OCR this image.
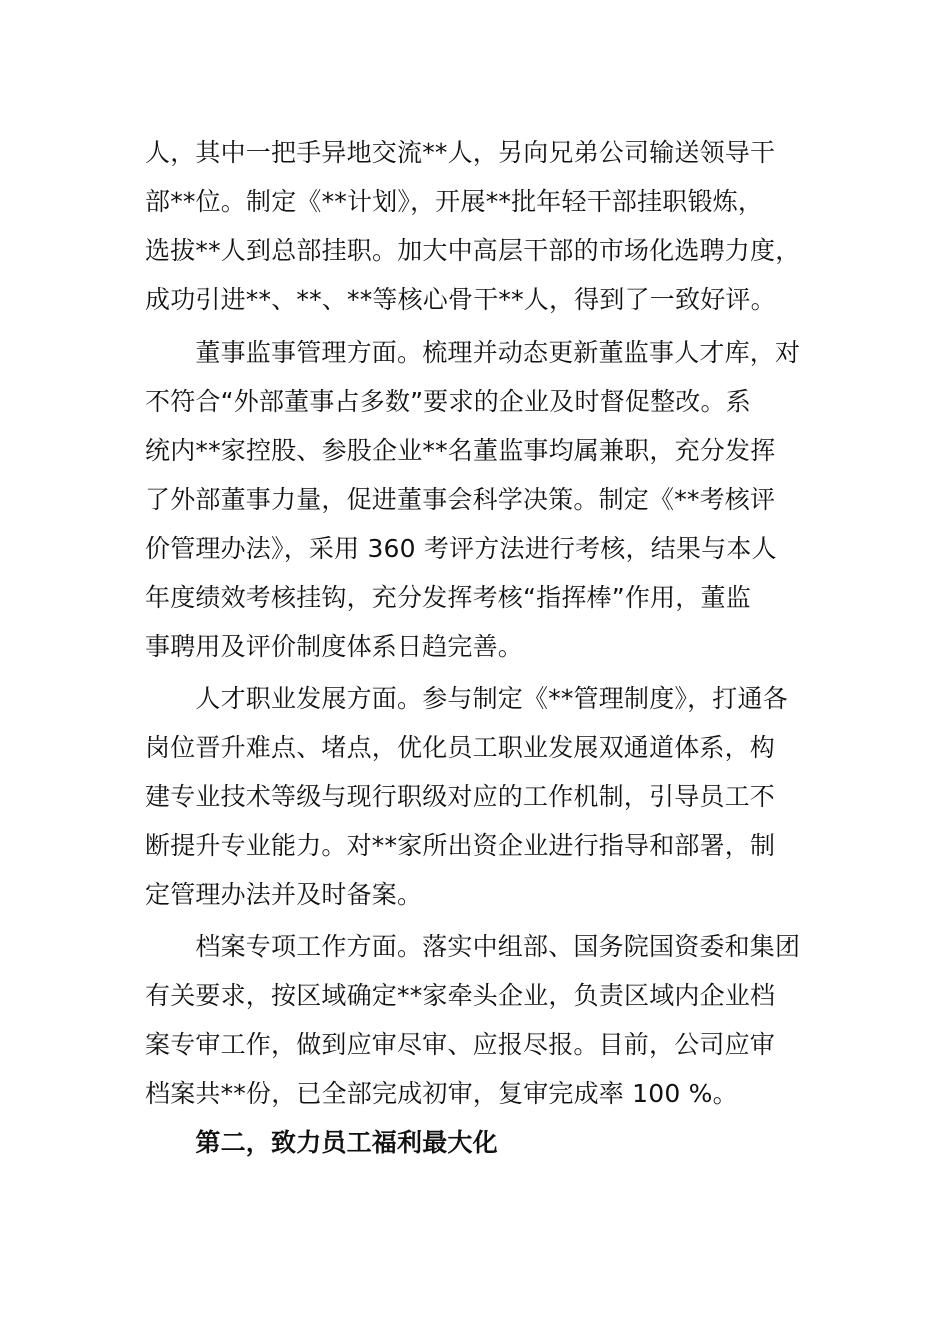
人，其中一把手异地交流**人，另向兄弟公司输送领导干
部**位。制定《**计划》，开展**批年轻干部挂职锻炼，
选拔**人到总部挂职。加大中高层干部的市场化选聘力度，
成功引进**、**、**等核心骨干**人，得到了一致好评。
　　董事监事管理方面。梳理并动态更新董监事人才库，对
不符合“外部董事占多数”要求的企业及时督促整改。系
统内**家控股、参股企业**名董监事均属兼职，充分发挥
了外部董事力量，促进董事会科学决策。制定《**考核评
价管理办法》，采用 360 考评方法进行考核，结果与本人
年度绩效考核挂钩，充分发挥考核“指挥棒”作用，董监
事聘用及评价制度体系日趋完善。
　　人才职业发展方面。参与制定《**管理制度》，打通各
岗位晋升难点、堵点，优化员工职业发展双通道体系，构
建专业技术等级与现行职级对应的工作机制，引导员工不
断提升专业能力。对**家所出资企业进行指导和部署，制
定管理办法并及时备案。
　　档案专项工作方面。落实中组部、国务院国资委和集团
有关要求，按区域确定**家牵头企业，负责区域内企业档
案专审工作，做到应审尽审、应报尽报。目前，公司应审
档案共**份，已全部完成初审，复审完成率 100 %。
　　第二，致力员工福利最大化
